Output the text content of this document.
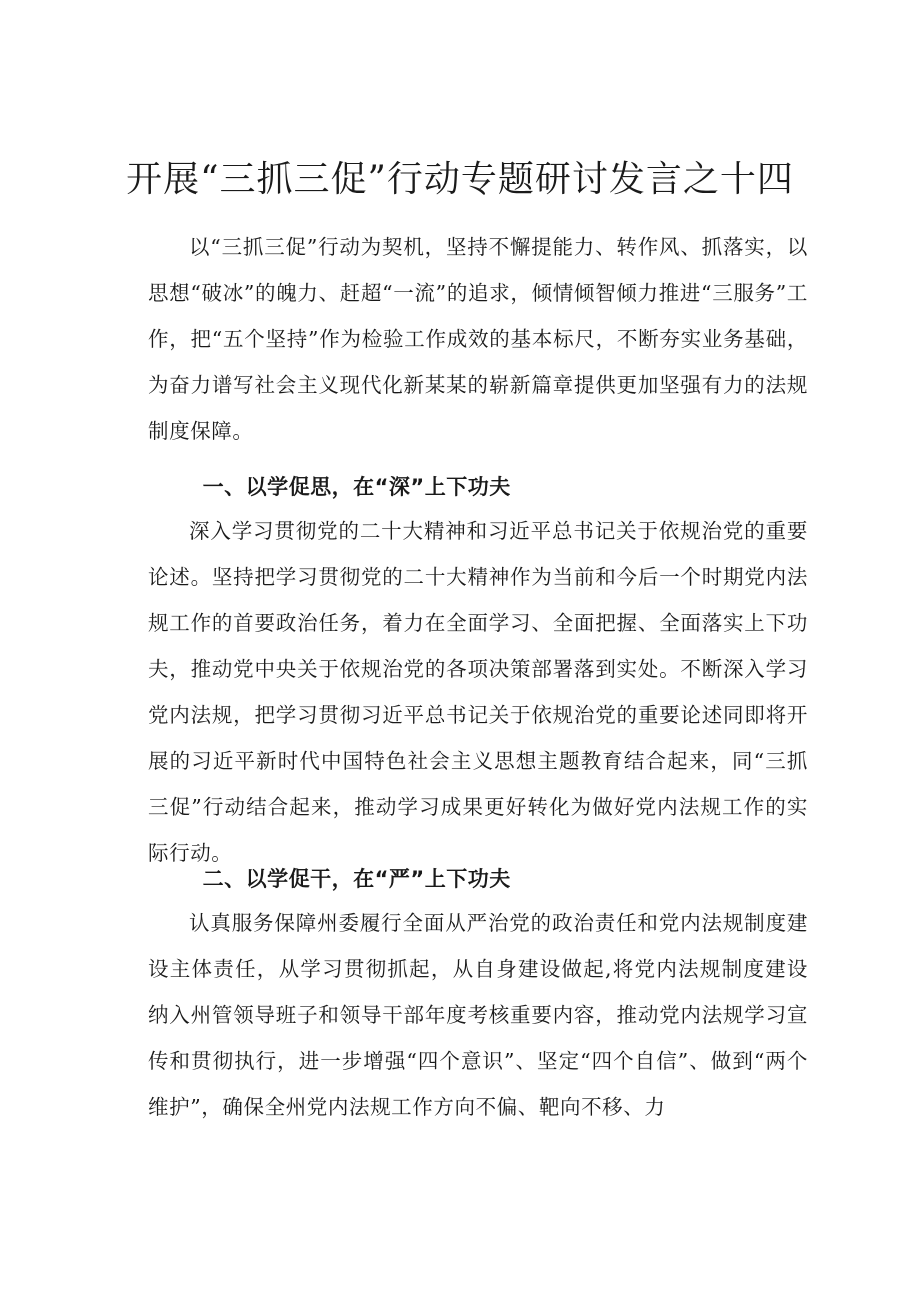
开展“三抓三促”行动专题研讨发言之十四

以“三抓三促”行动为契机，坚持不懈提能力、转作风、抓落实，以思想“破冰”的魄力、赶超“一流”的追求，倾情倾智倾力推进“三服务”工作，把“五个坚持”作为检验工作成效的基本标尺，不断夯实业务基础，为奋力谱写社会主义现代化新某某的崭新篇章提供更加坚强有力的法规制度保障。

一、以学促思，在“深”上下功夫

深入学习贯彻党的二十大精神和习近平总书记关于依规治党的重要论述。坚持把学习贯彻党的二十大精神作为当前和今后一个时期党内法规工作的首要政治任务，着力在全面学习、全面把握、全面落实上下功夫，推动党中央关于依规治党的各项决策部署落到实处。不断深入学习党内法规，把学习贯彻习近平总书记关于依规治党的重要论述同即将开展的习近平新时代中国特色社会主义思想主题教育结合起来，同“三抓三促”行动结合起来，推动学习成果更好转化为做好党内法规工作的实际行动。

二、以学促干，在“严”上下功夫

认真服务保障州委履行全面从严治党的政治责任和党内法规制度建设主体责任，从学习贯彻抓起，从自身建设做起,将党内法规制度建设纳入州管领导班子和领导干部年度考核重要内容，推动党内法规学习宣传和贯彻执行，进一步增强“四个意识”、坚定“四个自信”、做到“两个维护”，确保全州党内法规工作方向不偏、靶向不移、力
